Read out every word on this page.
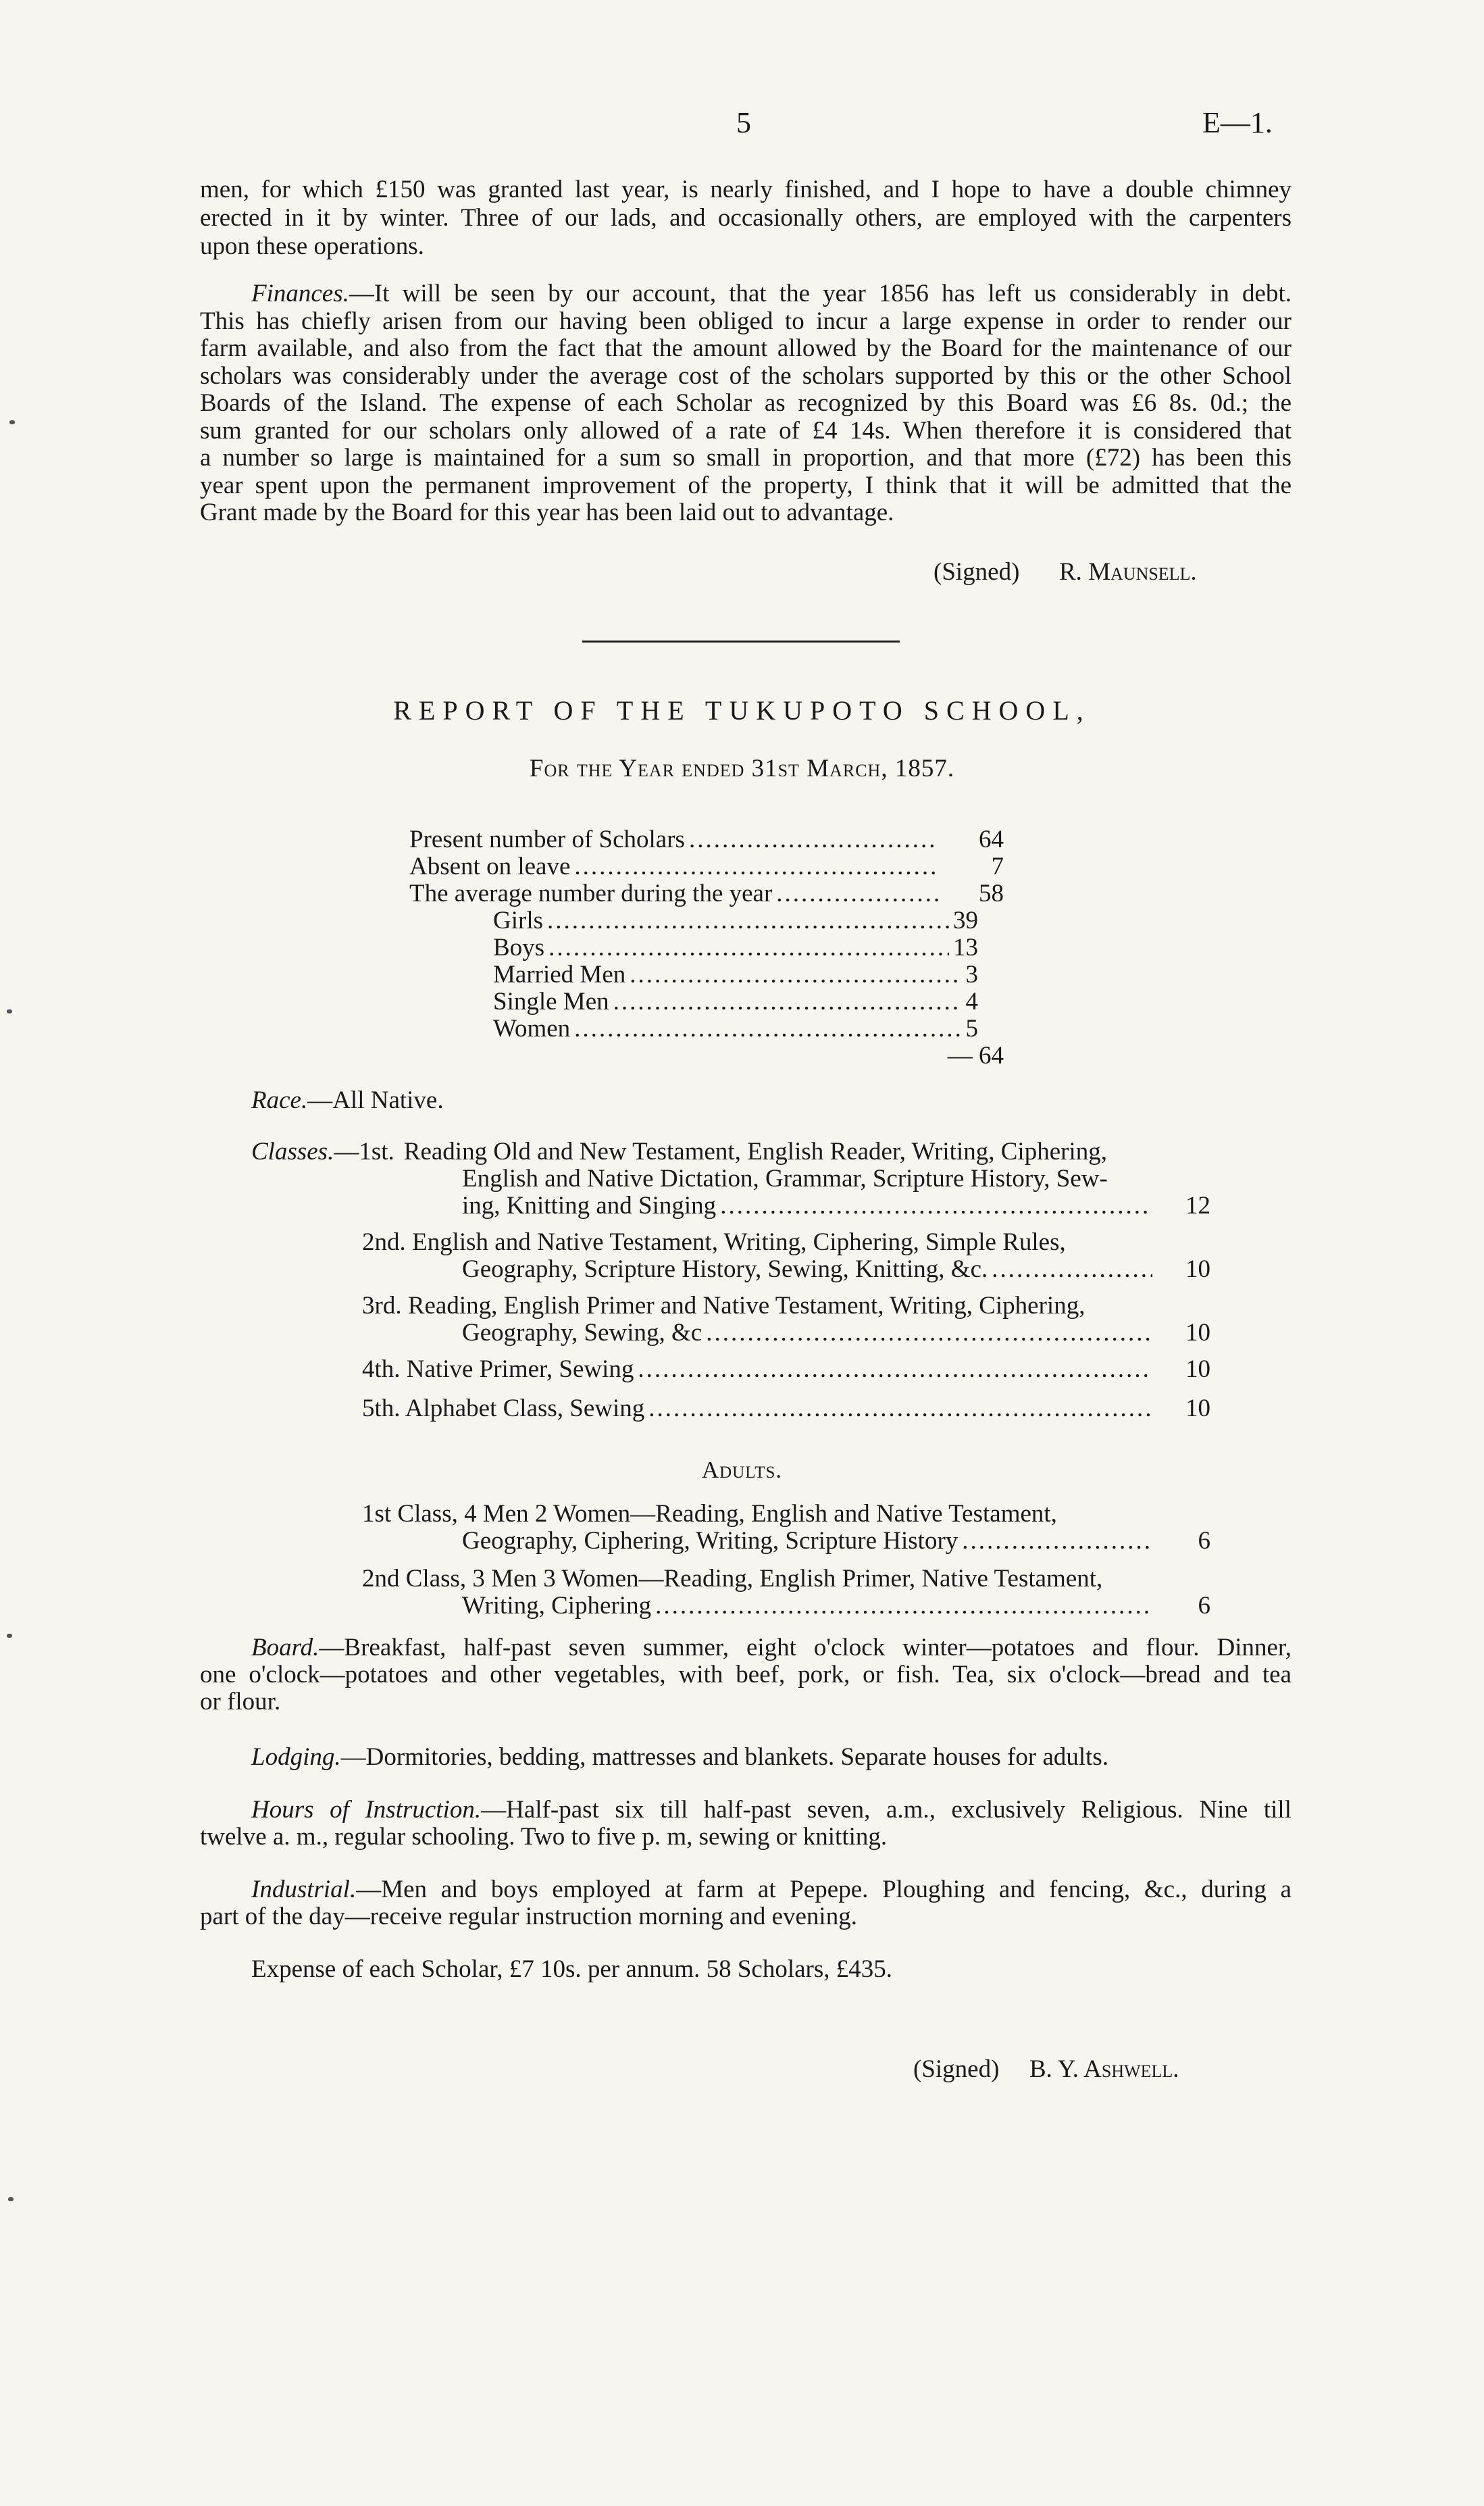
5	E—1.
men, for which £150 was granted last year, is nearly finished, and I hope to have a double chimney
erected in it by winter. Three of our lads, and occasionally others, are employed with the carpenters
upon these operations.
Finances.—It will be seen by our account, that the year 1856 has left us considerably in debt.
This has chiefly arisen from our having been obliged to incur a large expense in order to render our
farm available, and also from the fact that the amount allowed by the Board for the maintenance of our
scholars was considerably under the average cost of the scholars supported by this or the other School
Boards of the Island. The expense of each Scholar as recognized by this Board was £6 8s. 0d.; the
sum granted for our scholars only allowed of a rate of £4 14s. When therefore it is considered that
a number so large is maintained for a sum so small in proportion, and that more (£72) has been this
year spent upon the permanent improvement of the property, I think that it will be admitted that the
Grant made by the Board for this year has been laid out to advantage.
(Signed) R. Maunsell.
REPORT OF THE TUKUPOTO SCHOOL,
For the Year ended 31st March, 1857.
Present number of Scholars .....	64
Absent on leave .....	7
The average number during the year .....	58
Girls .....	39
Boys .....	13
Married Men .....	3
Single Men .....	4
Women .....	5
— 64
Race.—All Native.
Classes. —1st. Reading Old and New Testament, English Reader, Writing, Ciphering,
English and Native Dictation, Grammar, Scripture History, Sew-
ing, Knitting and Singing .....	12
2nd. English and Native Testament, Writing, Ciphering, Simple Rules,
Geography, Scripture History, Sewing, Knitting, &c. .....	10
3rd. Reading, English Primer and Native Testament, Writing, Ciphering,
Geography, Sewing, &c .....	10
4th. Native Primer, Sewing .....	10
5th. Alphabet Class, Sewing .....	10
Adults.
1st Class, 4 Men 2 Women—Reading, English and Native Testament,
Geography, Ciphering, Writing, Scripture History .....	6
2nd Class, 3 Men 3 Women—Reading, English Primer, Native Testament,
Writing, Ciphering .....	6
Board.—Breakfast, half-past seven summer, eight o'clock winter—potatoes and flour. Dinner,
one o'clock—potatoes and other vegetables, with beef, pork, or fish. Tea, six o'clock—bread and tea
or flour.
Lodging.—Dormitories, bedding, mattresses and blankets. Separate houses for adults.
Hours of Instruction.—Half-past six till half-past seven, a.m., exclusively Religious. Nine till
twelve a. m., regular schooling. Two to five p. m, sewing or knitting.
Industrial.—Men and boys employed at farm at Pepepe. Ploughing and fencing, &c., during a
part of the day—receive regular instruction morning and evening.
Expense of each Scholar, £7 10s. per annum. 58 Scholars, £435.
(Signed) B. Y. Ashwell.
